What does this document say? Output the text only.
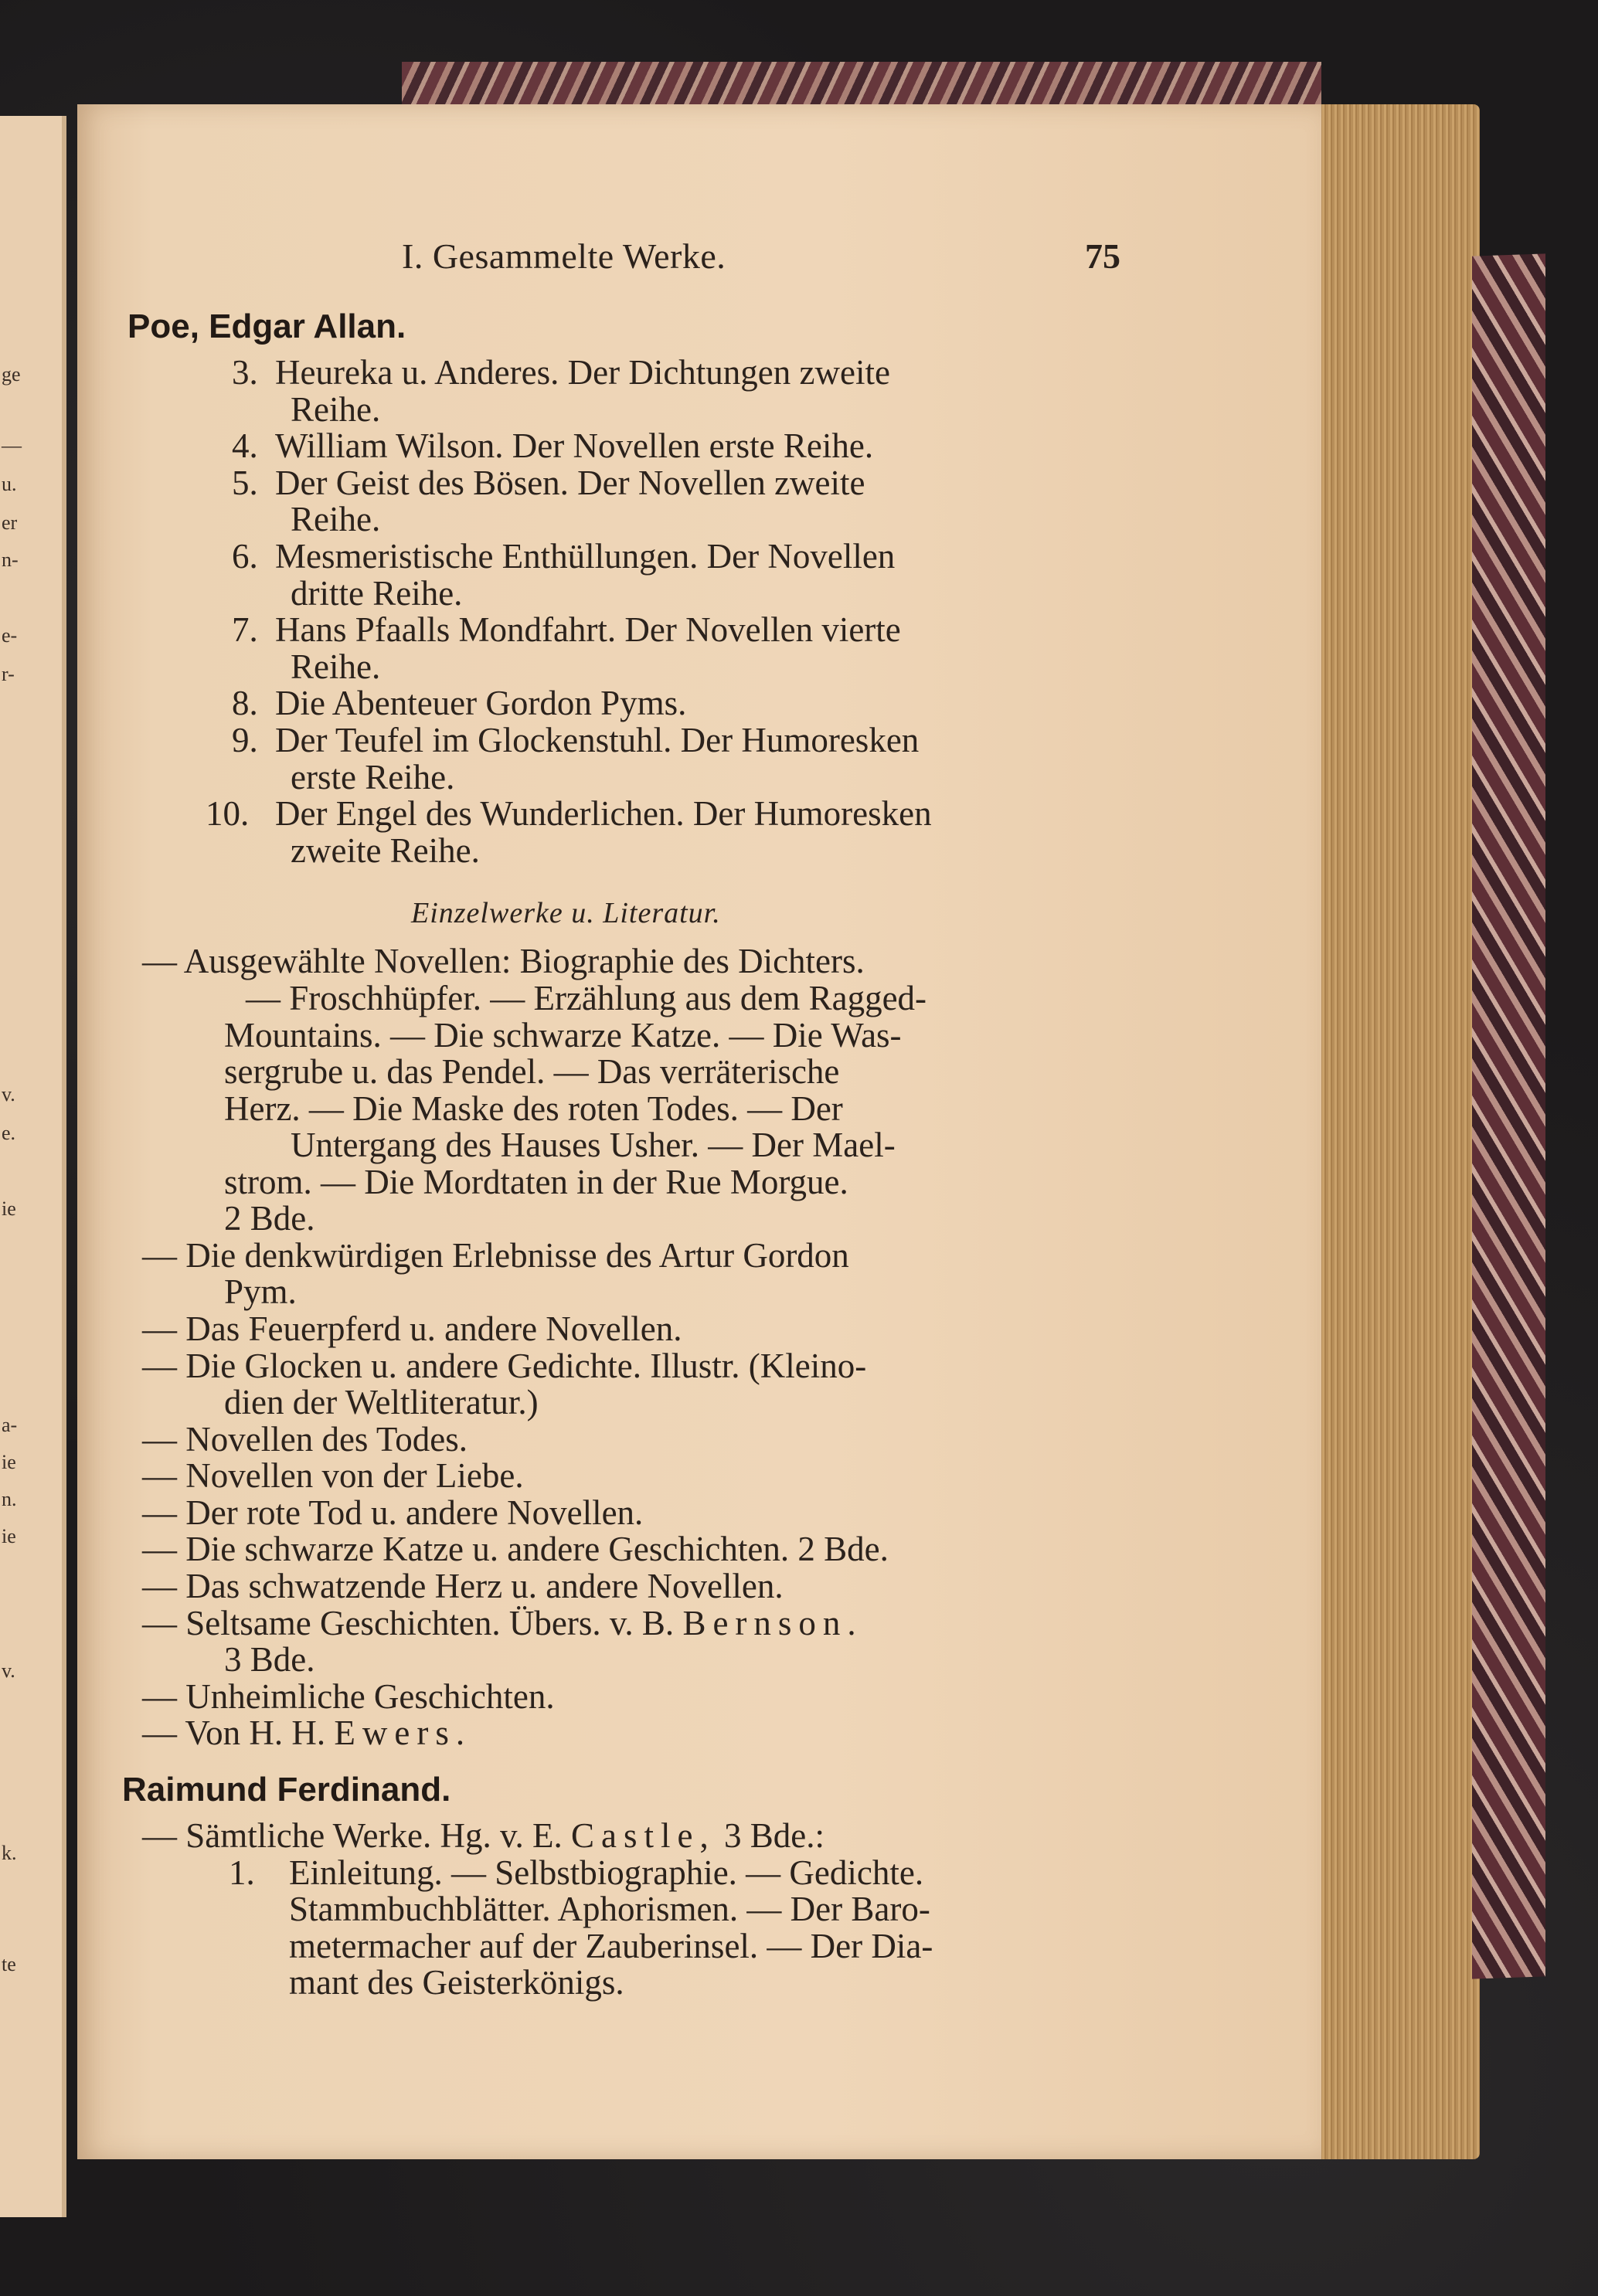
ge
—
u.
er
n-
e-
r-
v.
e.
ie
a-
ie
n.
ie
v.
k.
te
I. Gesammelte Werke.	75
Poe, Edgar Allan.
3. Heureka u. Anderes. Der Dichtungen zweite
Reihe.
4. William Wilson. Der Novellen erste Reihe.
5. Der Geist des Bösen. Der Novellen zweite
Reihe.
6. Mesmeristische Enthüllungen. Der Novellen
dritte Reihe.
7. Hans Pfaalls Mondfahrt. Der Novellen vierte
Reihe.
8. Die Abenteuer Gordon Pyms.
9. Der Teufel im Glockenstuhl. Der Humoresken
erste Reihe.
10. Der Engel des Wunderlichen. Der Humoresken
zweite Reihe.
Einzelwerke u. Literatur.
— Ausgewählte Novellen: Biographie des Dichters.
— Froschhüpfer. — Erzählung aus dem Ragged-
Mountains. — Die schwarze Katze. — Die Was-
sergrube u. das Pendel. — Das verräterische
Herz. — Die Maske des roten Todes. — Der
Untergang des Hauses Usher. — Der Mael-
strom. — Die Mordtaten in der Rue Morgue.
2 Bde.
— Die denkwürdigen Erlebnisse des Artur Gordon
Pym.
— Das Feuerpferd u. andere Novellen.
— Die Glocken u. andere Gedichte. Illustr. (Kleino-
dien der Weltliteratur.)
— Novellen des Todes.
— Novellen von der Liebe.
— Der rote Tod u. andere Novellen.
— Die schwarze Katze u. andere Geschichten. 2 Bde.
— Das schwatzende Herz u. andere Novellen.
— Seltsame Geschichten. Übers. v. B. Bernson.
3 Bde.
— Unheimliche Geschichten.
— Von H. H. Ewers.
Raimund Ferdinand.
— Sämtliche Werke. Hg. v. E. Castle, 3 Bde.:
1. Einleitung. — Selbstbiographie. — Gedichte.
Stammbuchblätter. Aphorismen. — Der Baro-
metermacher auf der Zauberinsel. — Der Dia-
mant des Geisterkönigs.
